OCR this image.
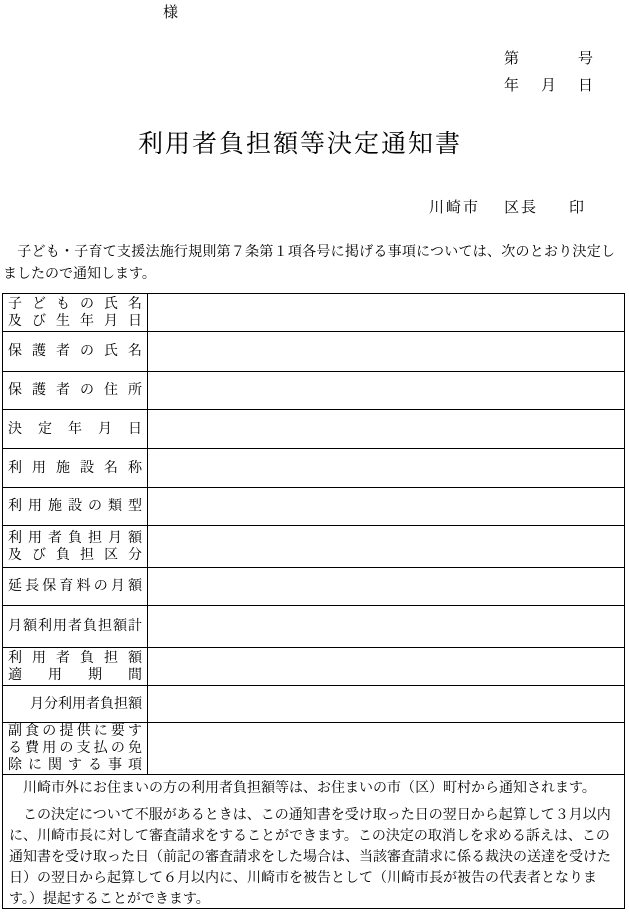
様
第	号
年 月 日
利用者負担額等決定通知書
川崎市 区長 印
　子ども・子育て支援法施行規則第７条第１項各号に掲げる事項については、次のとおり決定しましたので通知します。
子どもの氏名
及び生年月日
保護者の氏名
保護者の住所
決定年月日
利用施設名称
利用施設の類型
利用者負担月額
及び負担区分
延長保育料の月額
月額利用者負担額計
利用者負担額
適用期間
月分利用者負担額
副食の提供に要す
る費用の支払の免
除に関する事項
　川崎市外にお住まいの方の利用者負担額等は、お住まいの市（区）町村から通知されます。
　この決定について不服があるときは、この通知書を受け取った日の翌日から起算して３月以内に、川崎市長に対して審査請求をすることができます。この決定の取消しを求める訴えは、この通知書を受け取った日（前記の審査請求をした場合は、当該審査請求に係る裁決の送達を受けた日）の翌日から起算して６月以内に、川崎市を被告として（川崎市長が被告の代表者となります。）提起することができます。
